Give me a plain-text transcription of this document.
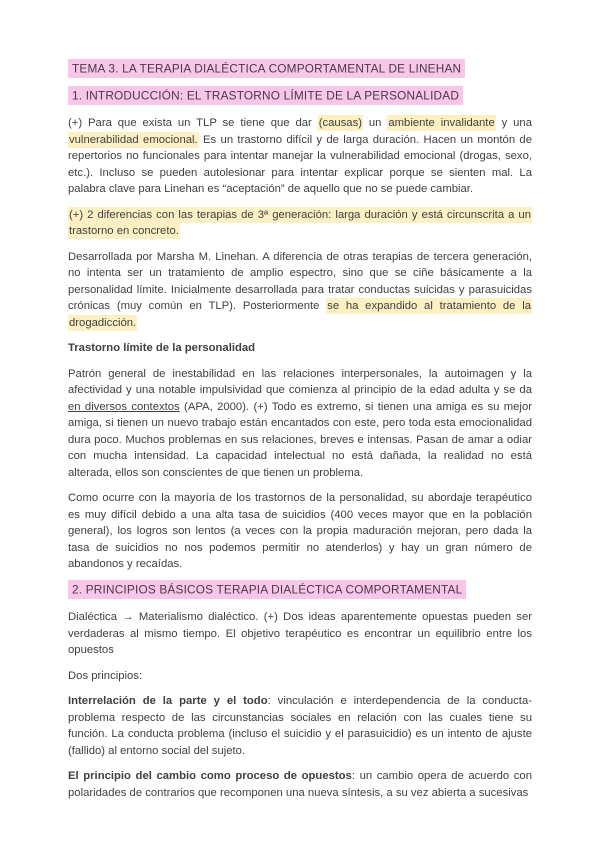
TEMA 3. LA TERAPIA DIALÉCTICA COMPORTAMENTAL DE LINEHAN
1. INTRODUCCIÓN: EL TRASTORNO LÍMITE DE LA PERSONALIDAD

(+) Para que exista un TLP se tiene que dar (causas) un ambiente invalidante y una vulnerabilidad emocional. Es un trastorno difícil y de larga duración. Hacen un montón de repertorios no funcionales para intentar manejar la vulnerabilidad emocional (drogas, sexo, etc.). Incluso se pueden autolesionar para intentar explicar porque se sienten mal. La palabra clave para Linehan es “aceptación” de aquello que no se puede cambiar.

(+) 2 diferencias con las terapias de 3ª generación: larga duración y está circunscrita a un trastorno en concreto.

Desarrollada por Marsha M. Linehan. A diferencia de otras terapias de tercera generación, no intenta ser un tratamiento de amplio espectro, sino que se ciñe básicamente a la personalidad límite. Inicialmente desarrollada para tratar conductas suicidas y parasuicidas crónicas (muy común en TLP). Posteriormente se ha expandido al tratamiento de la drogadicción.

Trastorno límite de la personalidad

Patrón general de inestabilidad en las relaciones interpersonales, la autoimagen y la afectividad y una notable impulsividad que comienza al principio de la edad adulta y se da en diversos contextos (APA, 2000). (+) Todo es extremo, si tienen una amiga es su mejor amiga, si tienen un nuevo trabajo están encantados con este, pero toda esta emocionalidad dura poco. Muchos problemas en sus relaciones, breves e intensas. Pasan de amar a odiar con mucha intensidad. La capacidad intelectual no está dañada, la realidad no está alterada, ellos son conscientes de que tienen un problema.

Como ocurre con la mayoría de los trastornos de la personalidad, su abordaje terapéutico es muy difícil debido a una alta tasa de suicidios (400 veces mayor que en la población general), los logros son lentos (a veces con la propia maduración mejoran, pero dada la tasa de suicidios no nos podemos permitir no atenderlos) y hay un gran número de abandonos y recaídas.

2. PRINCIPIOS BÁSICOS TERAPIA DIALÉCTICA COMPORTAMENTAL

Dialéctica → Materialismo dialéctico. (+) Dos ideas aparentemente opuestas pueden ser verdaderas al mismo tiempo. El objetivo terapéutico es encontrar un equilibrio entre los opuestos

Dos principios:

Interrelación de la parte y el todo: vinculación e interdependencia de la conducta-problema respecto de las circunstancias sociales en relación con las cuales tiene su función. La conducta problema (incluso el suicidio y el parasuicidio) es un intento de ajuste (fallido) al entorno social del sujeto.

El principio del cambio como proceso de opuestos: un cambio opera de acuerdo con polaridades de contrarios que recomponen una nueva síntesis, a su vez abierta a sucesivas
